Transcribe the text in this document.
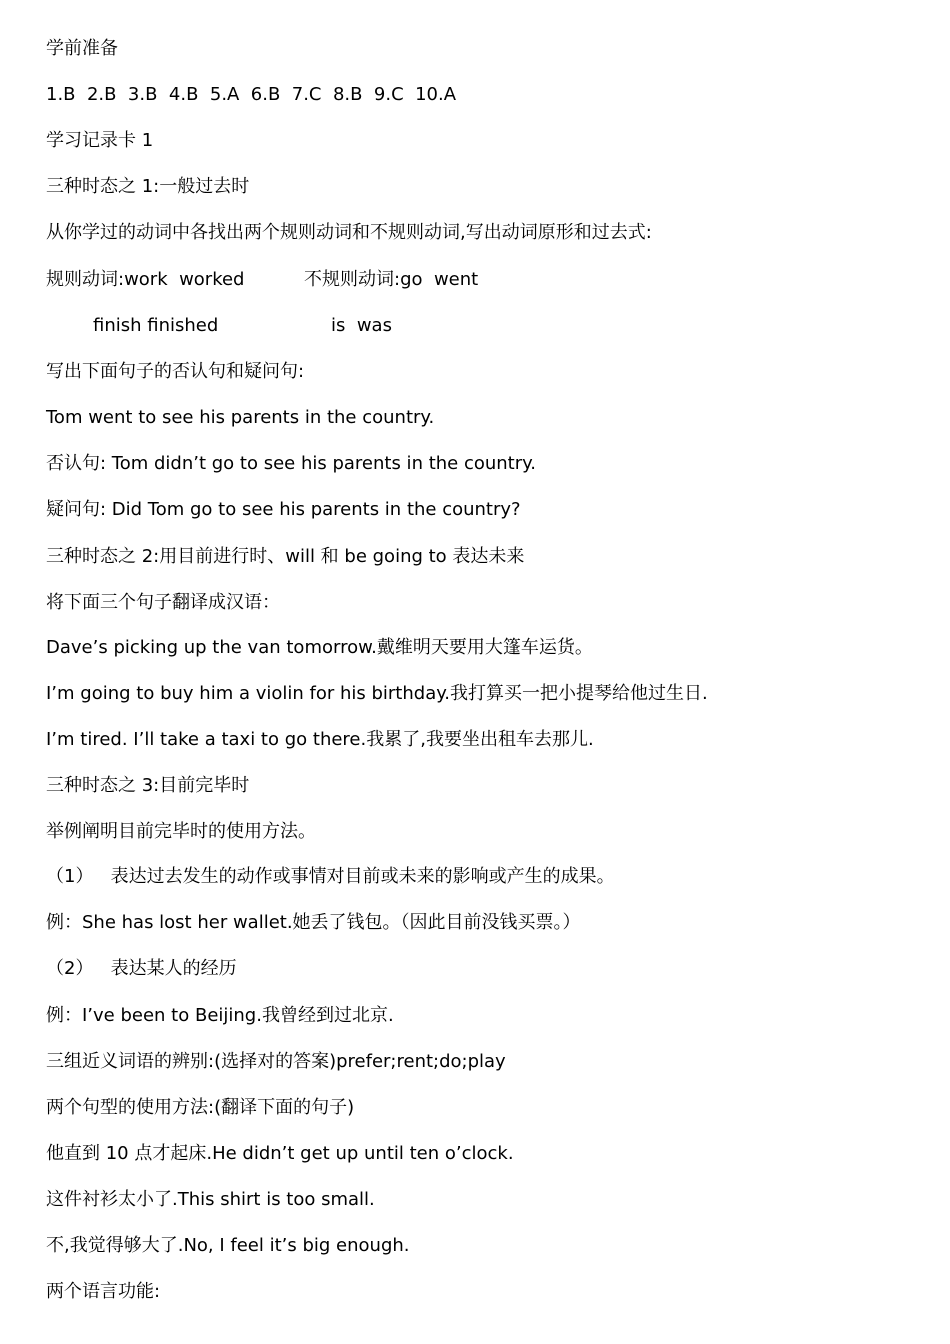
学前准备

1.B  2.B  3.B  4.B  5.A  6.B  7.C  8.B  9.C  10.A

学习记录卡 1

三种时态之 1:一般过去时

从你学过的动词中各找出两个规则动词和不规则动词,写出动词原形和过去式:

规则动词:work  worked	不规则动词:go  went

finish finished	is  was

写出下面句子的否认句和疑问句:

Tom went to see his parents in the country.

否认句: Tom didn’t go to see his parents in the country.

疑问句: Did Tom go to see his parents in the country?

三种时态之 2:用目前进行时、will 和 be going to 表达未来

将下面三个句子翻译成汉语：

Dave’s picking up the van tomorrow.戴维明天要用大篷车运货。

I’m going to buy him a violin for his birthday.我打算买一把小提琴给他过生日.

I’m tired. I’ll take a taxi to go there.我累了,我要坐出租车去那儿.

三种时态之 3:目前完毕时

举例阐明目前完毕时的使用方法。

（1）   表达过去发生的动作或事情对目前或未来的影响或产生的成果。

例：She has lost her wallet.她丢了钱包。（因此目前没钱买票。）

（2）   表达某人的经历

例：I’ve been to Beijing.我曾经到过北京.

三组近义词语的辨别:(选择对的答案)prefer;rent;do;play

两个句型的使用方法:(翻译下面的句子)

他直到 10 点才起床.He didn’t get up until ten o’clock.

这件衬衫太小了.This shirt is too small.

不,我觉得够大了.No, I feel it’s big enough.

两个语言功能:
